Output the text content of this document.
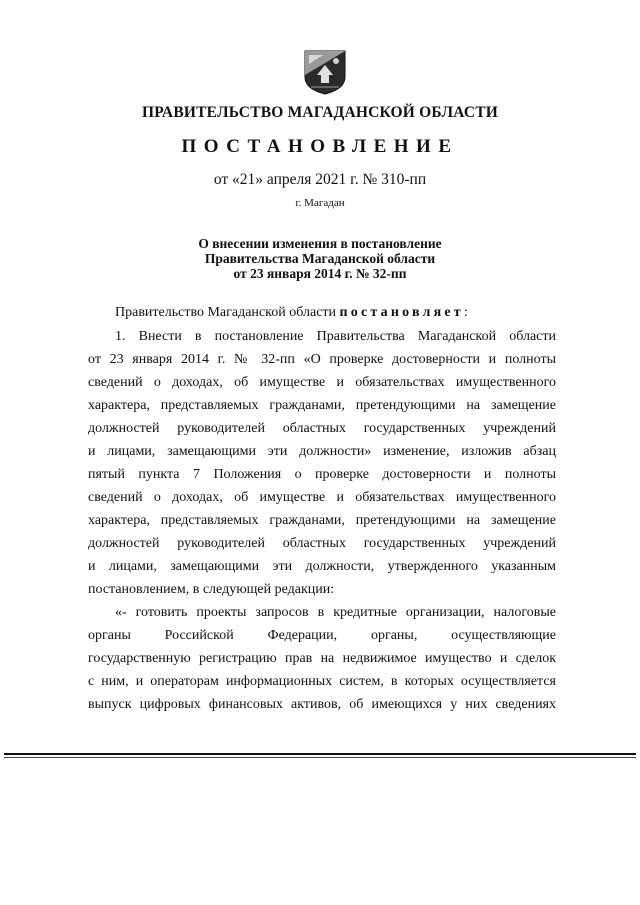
ПРАВИТЕЛЬСТВО МАГАДАНСКОЙ ОБЛАСТИ
ПОСТАНОВЛЕНИЕ
от «21» апреля 2021 г. № 310-пп
г. Магадан
О внесении изменения в постановление
Правительства Магаданской области
от 23 января 2014 г. № 32-пп
Правительство Магаданской области постановляет:
1. Внести в постановление Правительства Магаданской области
от 23 января 2014 г. № 32-пп «О проверке достоверности и полноты
сведений о доходах, об имуществе и обязательствах имущественного
характера, представляемых гражданами, претендующими на замещение
должностей руководителей областных государственных учреждений
и лицами, замещающими эти должности» изменение, изложив абзац
пятый пункта 7 Положения о проверке достоверности и полноты
сведений о доходах, об имуществе и обязательствах имущественного
характера, представляемых гражданами, претендующими на замещение
должностей руководителей областных государственных учреждений
и лицами, замещающими эти должности, утвержденного указанным
постановлением, в следующей редакции:
«- готовить проекты запросов в кредитные организации, налоговые
органы Российской Федерации, органы, осуществляющие
государственную регистрацию прав на недвижимое имущество и сделок
с ним, и операторам информационных систем, в которых осуществляется
выпуск цифровых финансовых активов, об имеющихся у них сведениях
